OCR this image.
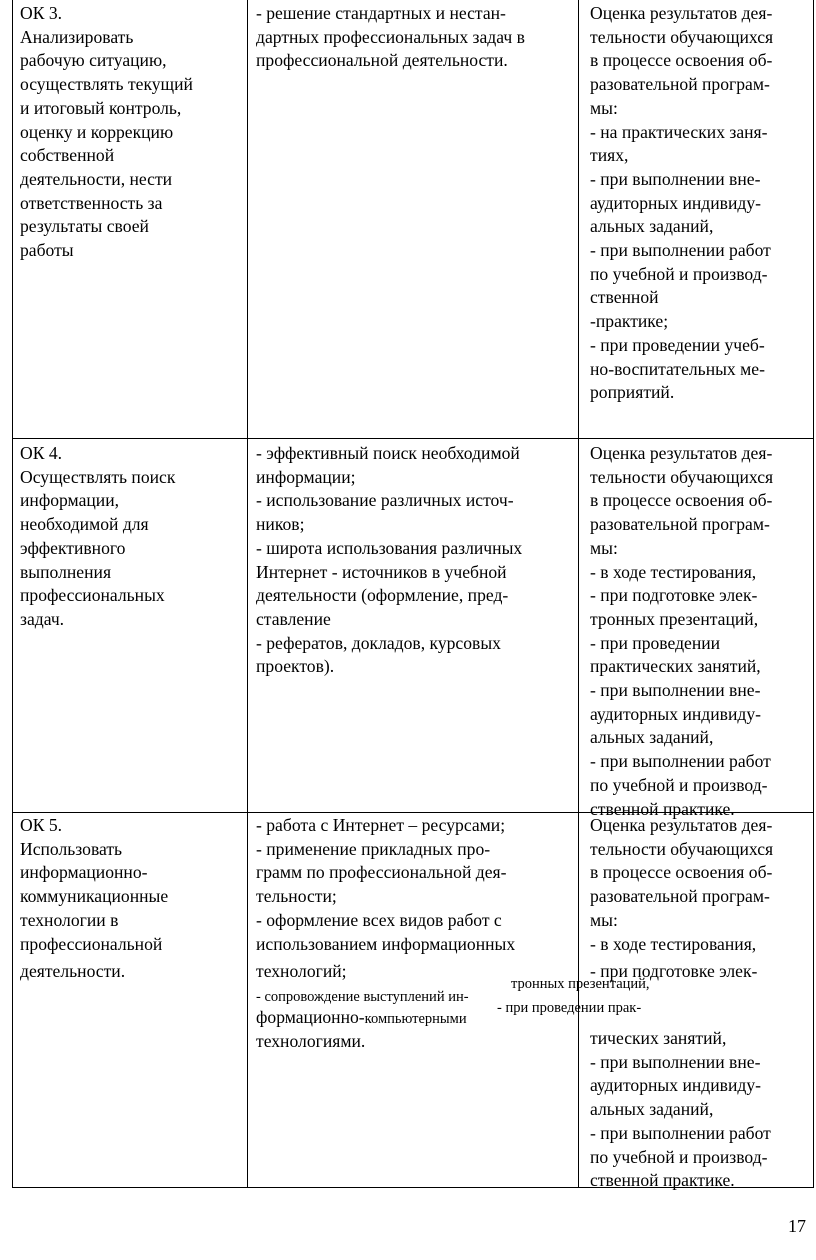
ОК 3.
Анализировать
рабочую ситуацию,
осуществлять текущий
и итоговый контроль,
оценку и коррекцию
собственной
деятельности, нести
ответственность за
результаты своей
работы
- решение стандартных и нестан-
дартных профессиональных задач в
профессиональной деятельности.
Оценка результатов дея-
тельности обучающихся
в процессе освоения об-
разовательной програм-
мы:
- на практических заня-
тиях,
- при выполнении вне-
аудиторных индивиду-
альных заданий,
- при выполнении работ
по учебной и производ-
ственной
-практике;
- при проведении учеб-
но-воспитательных ме-
роприятий.
ОК 4.
Осуществлять поиск
информации,
необходимой для
эффективного
выполнения
профессиональных
задач.
- эффективный поиск необходимой
информации;
- использование различных источ-
ников;
- широта использования различных
Интернет - источников в учебной
деятельности (оформление, пред-
ставление
- рефератов, докладов, курсовых
проектов).
Оценка результатов дея-
тельности обучающихся
в процессе освоения об-
разовательной програм-
мы:
- в ходе тестирования,
- при подготовке элек-
тронных презентаций,
- при проведении
практических занятий,
- при выполнении вне-
аудиторных индивиду-
альных заданий,
- при выполнении работ
по учебной и производ-
ственной практике.
ОК 5.
Использовать
информационно-
коммуникационные
технологии в
профессиональной
деятельности.
- работа с Интернет – ресурсами;
- применение прикладных про-
грамм по профессиональной дея-
тельности;
- оформление всех видов работ с
использованием информационных
технологий;
- сопровождение выступлений ин-
формационно-компьютерными
технологиями.
Оценка результатов дея-
тельности обучающихся
в процессе освоения об-
разовательной програм-
мы:
- в ходе тестирования,
- при подготовке элек-
тических занятий,
- при выполнении вне-
аудиторных индивиду-
альных заданий,
- при выполнении работ
по учебной и производ-
ственной практике.
тронных презентаций,
- при проведении прак-
17
